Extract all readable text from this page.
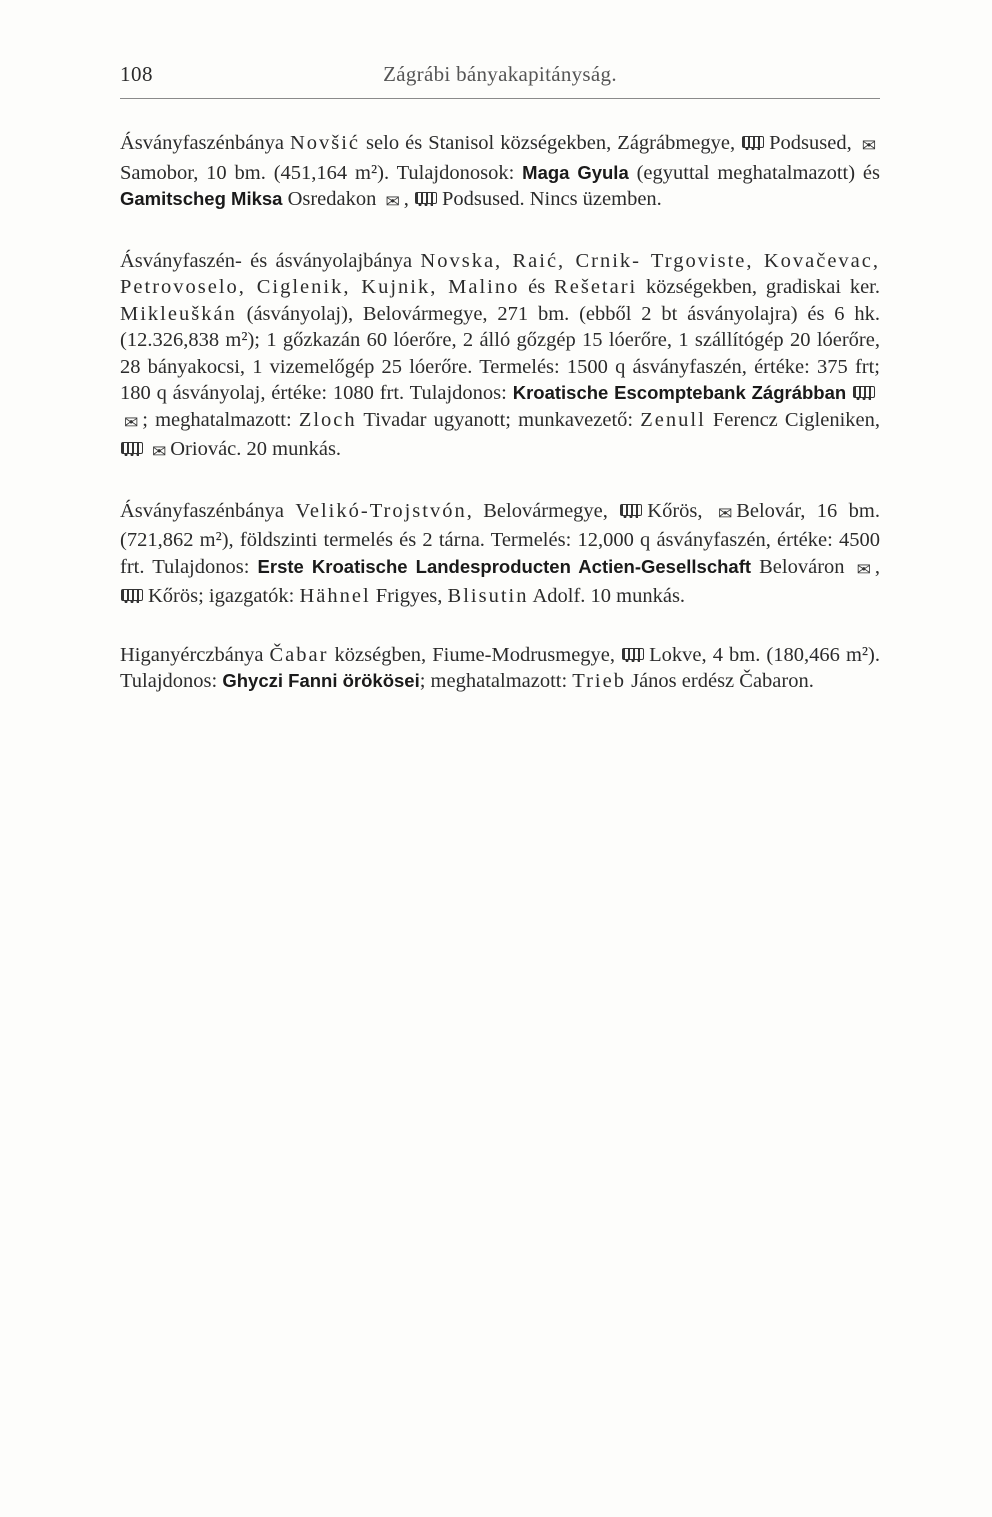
108	Zágrábi bányakapitányság.

Ásványfaszénbánya Novšić selo és Stanisol községekben, Zágrábmegye, Podsused, ✉Samobor, 10 bm. (451,164 m²). Tulajdonosok: Maga Gyula (egyuttal meghatalmazott) és Gamitscheg Miksa Osredakon ✉ , Podsused. Nincs üzemben.

Ásványfaszén- és ásványolajbánya Novska, Raić, Crnik- Trgoviste, Kovačevac, Petrovoselo, Ciglenik, Kujnik, Malino és Rešetari községekben, gradiskai ker. Mikleuškán (ásványolaj), Belovármegye, 271 bm. (ebből 2 bt ásványolajra) és 6 hk. (12.326,838 m²); 1 gőzkazán 60 lóerőre, 2 álló gőzgép 15 lóerőre, 1 szállítógép 20 lóerőre, 28 bányakocsi, 1 vizemelőgép 25 lóerőre. Termelés: 1500 q ásványfaszén, értéke: 375 frt; 180 q ásványolaj, értéke: 1080 frt. Tulajdonos: Kroatische Escomptebank Zágrábban ✉ ; meghatalmazott: Zloch Tivadar ugyanott; munkavezető: Zenull Ferencz Cigleniken, ✉ Oriovác. 20 munkás.

Ásványfaszénbánya Velikó-Trojstvón, Belovármegye, Kőrös, ✉ Belovár, 16 bm. (721,862 m²), földszinti termelés és 2 tárna. Termelés: 12,000 q ásványfaszén, értéke: 4500 frt. Tulajdonos: Erste Kroatische Landesproducten Actien-Gesellschaft Belováron ✉ , Kőrös; igazgatók: Hähnel Frigyes, Blisutin Adolf. 10 munkás.

Higanyérczbánya Čabar községben, Fiume-Modrusmegye, Lokve, 4 bm. (180,466 m²). Tulajdonos: Ghyczi Fanni örökösei; meghatalmazott: Trieb János erdész Čabaron.
